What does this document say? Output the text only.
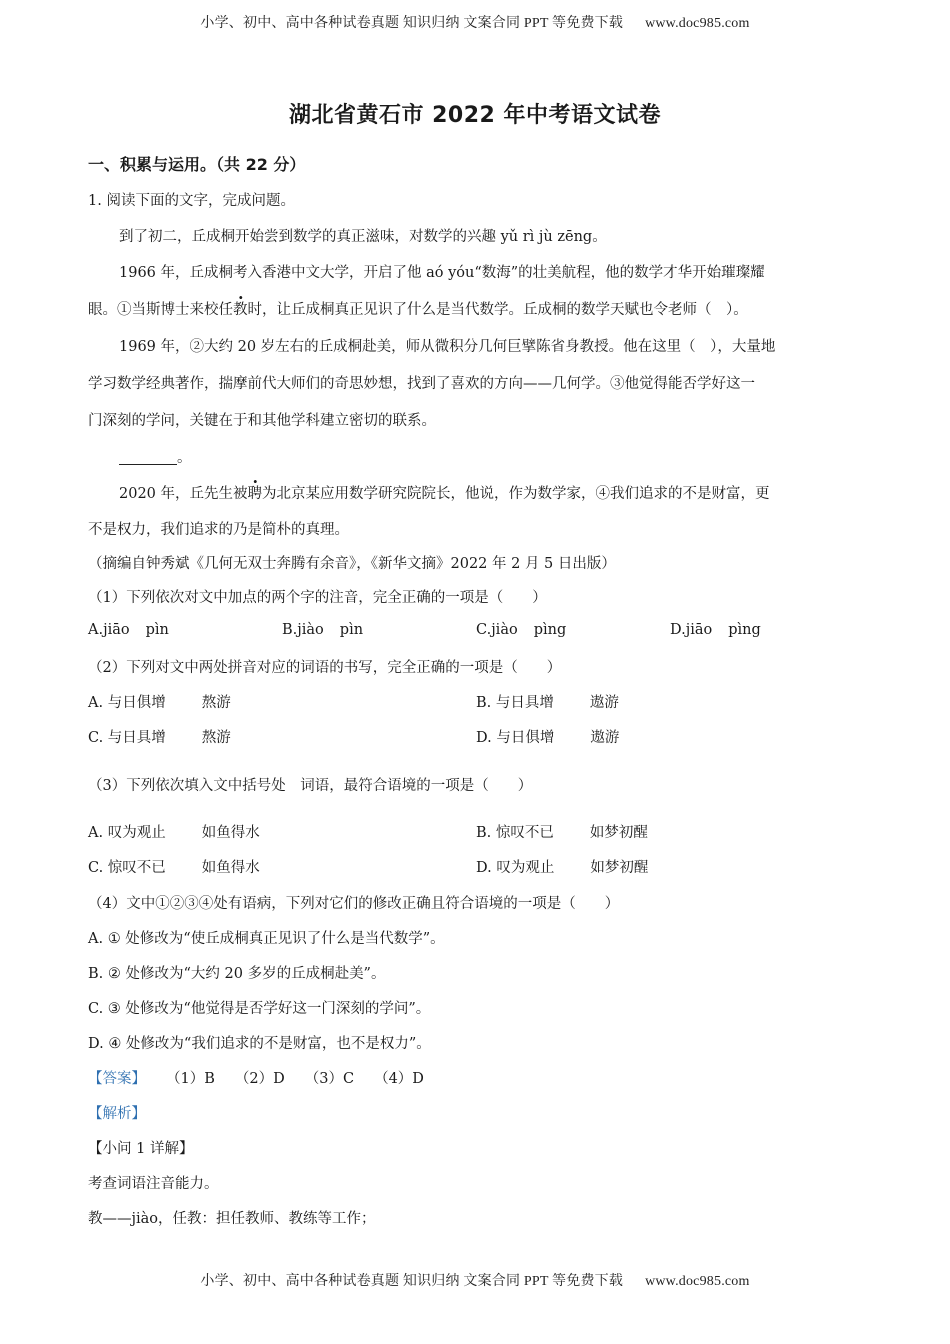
小学、初中、高中各种试卷真题 知识归纳 文案合同 PPT 等免费下载 www.doc985.com
湖北省黄石市 2022 年中考语文试卷
一、积累与运用。（共 22 分）
1. 阅读下面的文字，完成问题。
到了初二，丘成桐开始尝到数学的真正滋味，对数学的兴趣 yǔ rì jù zēng。
1966 年，丘成桐考入香港中文大学，开启了他 aó yóu“数海”的壮美航程，他的数学才华开始璀璨耀
眼。①当斯博士来校任教时，让丘成桐真正见识了什么是当代数学。丘成桐的数学天赋也令老师（　）。
1969 年，②大约 20 岁左右的丘成桐赴美，师从微积分几何巨擘陈省身教授。他在这里（　），大量地
学习数学经典著作，揣摩前代大师们的奇思妙想，找到了喜欢的方向——几何学。③他觉得能否学好这一
门深刻的学问，关键在于和其他学科建立密切的联系。
。
2020 年，丘先生被聘为北京某应用数学研究院院长，他说，作为数学家，④我们追求的不是财富，更
不是权力，我们追求的乃是简朴的真理。
（摘编自钟秀斌《几何无双士奔腾有余音》，《新华文摘》2022 年 2 月 5 日出版）
（1）下列依次对文中加点的两个字的注音，完全正确的一项是（　　）
A.jiāo pìn	B.jiào pìn	C.jiào pìng	D.jiāo pìng
（2）下列对文中两处拼音对应的词语的书写，完全正确的一项是（　　）
A. 与日俱增 熬游	B. 与日具增 遨游
C. 与日具增 熬游	D. 与日俱增 遨游
（3）下列依次填入文中括号处　词语，最符合语境的一项是（　　）
A. 叹为观止 如鱼得水	B. 惊叹不已 如梦初醒
C. 惊叹不已 如鱼得水	D. 叹为观止 如梦初醒
（4）文中①②③④处有语病，下列对它们的修改正确且符合语境的一项是（　　）
A. ① 处修改为“使丘成桐真正见识了什么是当代数学”。
B. ② 处修改为“大约 20 多岁的丘成桐赴美”。
C. ③ 处修改为“他觉得是否学好这一门深刻的学问”。
D. ④ 处修改为“我们追求的不是财富，也不是权力”。
【答案】 （1）B （2）D （3）C （4）D
【解析】
【小问 1 详解】
考查词语注音能力。
教——jiào，任教：担任教师、教练等工作；
小学、初中、高中各种试卷真题 知识归纳 文案合同 PPT 等免费下载 www.doc985.com
